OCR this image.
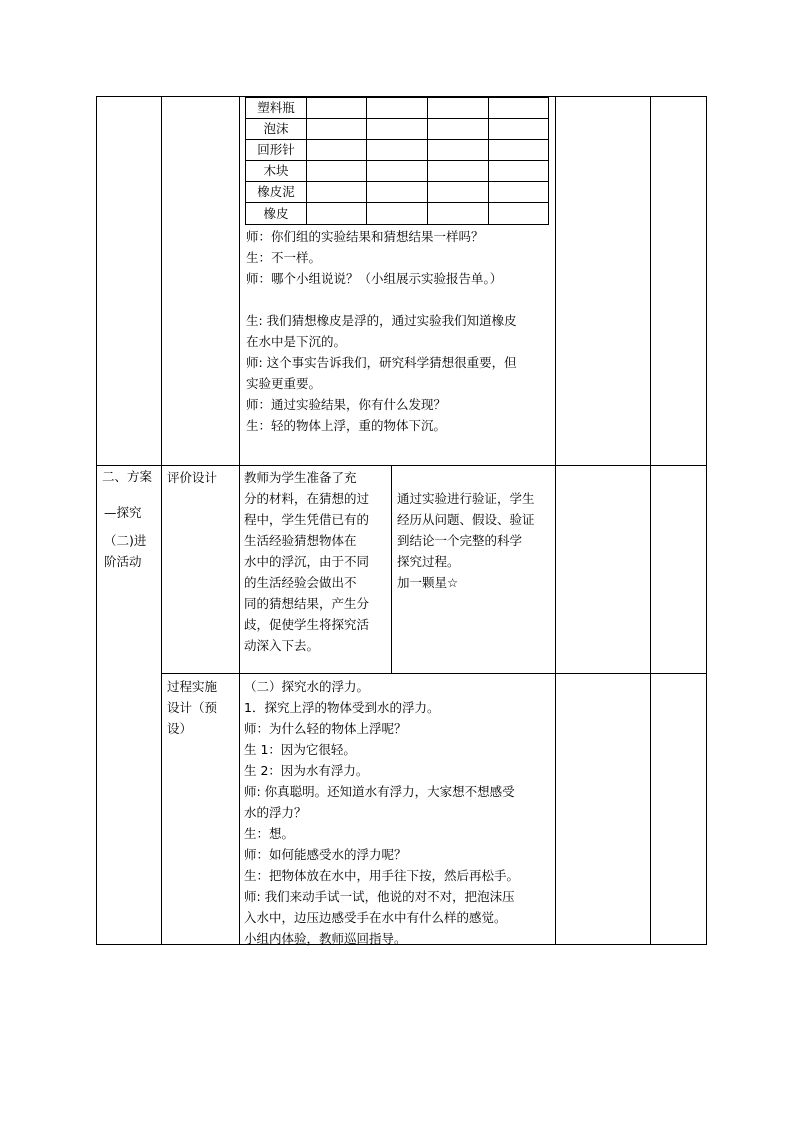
塑料瓶
泡沫
回形针
木块
橡皮泥
橡皮
师：你们组的实验结果和猜想结果一样吗？
生：不一样。
师：哪个小组说说？（小组展示实验报告单。）
生: 我们猜想橡皮是浮的，通过实验我们知道橡皮
在水中是下沉的。
师: 这个事实告诉我们，研究科学猜想很重要，但
实验更重要。
师：通过实验结果，你有什么发现？
生：轻的物体上浮，重的物体下沉。
二、方案
—探究
（二)进
阶活动
评价设计 教师为学生准备了充
分的材料，在猜想的过
程中，学生凭借已有的
生活经验猜想物体在
水中的浮沉，由于不同
的生活经验会做出不
同的猜想结果，产生分
歧，促使学生将探究活
动深入下去。
通过实验进行验证，学生
经历从问题、假设、验证
到结论一个完整的科学
探究过程。
加一颗星☆
过程实施
设计（预
设）
（二）探究水的浮力。
1．探究上浮的物体受到水的浮力。
师：为什么轻的物体上浮呢？
生 1：因为它很轻。
生 2：因为水有浮力。
师: 你真聪明。还知道水有浮力，大家想不想感受
水的浮力？
生：想。
师：如何能感受水的浮力呢？
生：把物体放在水中，用手往下按，然后再松手。
师: 我们来动手试一试，他说的对不对，把泡沫压
入水中，边压边感受手在水中有什么样的感觉。
小组内体验，教师巡回指导。
